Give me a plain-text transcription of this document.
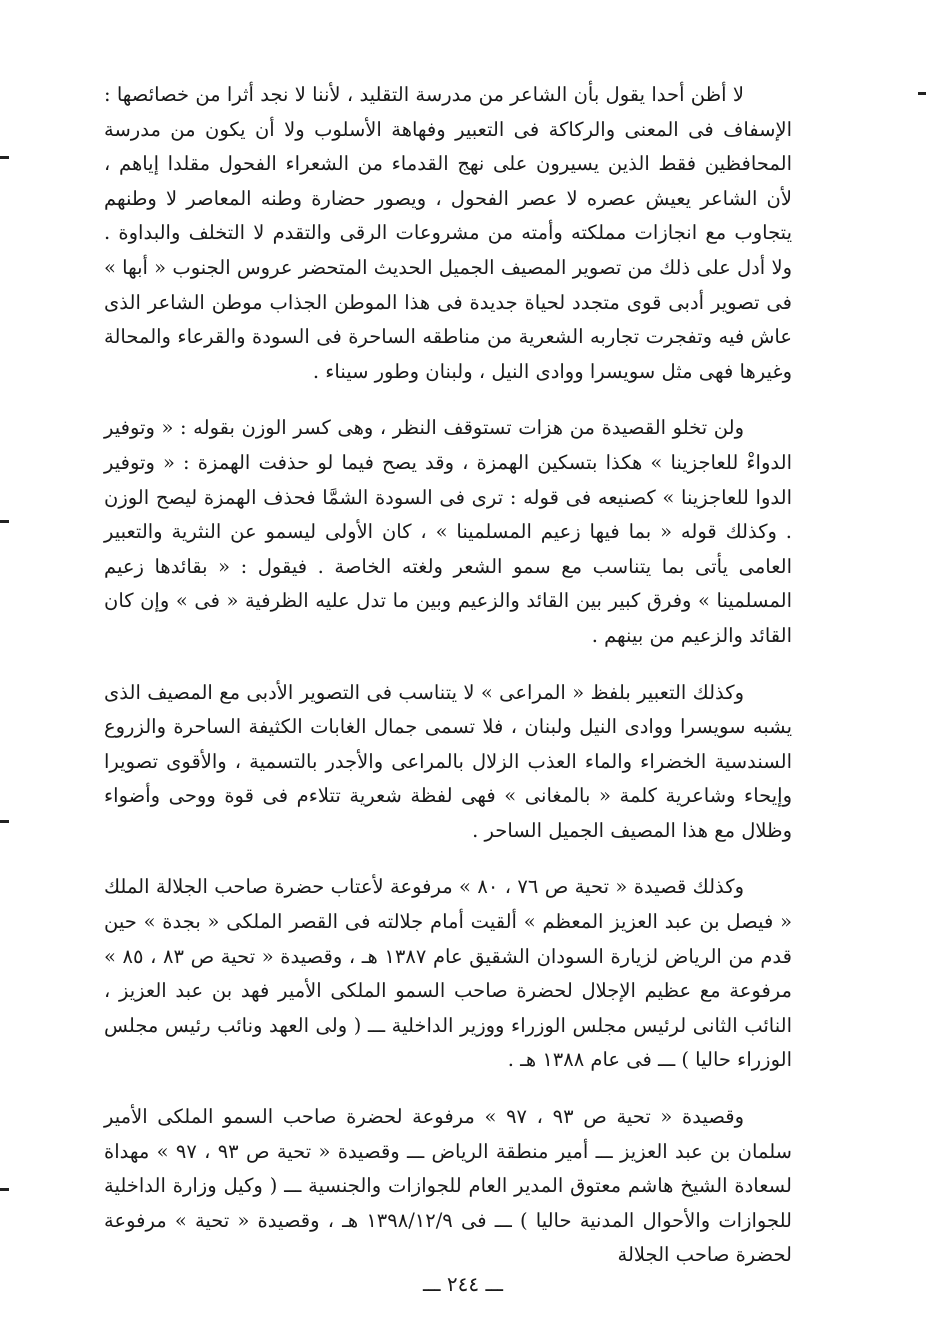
لا أظن أحدا يقول بأن الشاعر من مدرسة التقليد ، لأننا لا نجد أثرا من خصائصها : الإسفاف فى المعنى والركاكة فى التعبير وفهاهة الأسلوب ولا أن يكون من مدرسة المحافظين فقط الذين يسيرون على نهج القدماء من الشعراء الفحول مقلدا إياهم ، لأن الشاعر يعيش عصره لا عصر الفحول ، ويصور حضارة وطنه المعاصر لا وطنهم يتجاوب مع انجازات مملكته وأمته من مشروعات الرقى والتقدم لا التخلف والبداوة . ولا أدل على ذلك من تصوير المصيف الجميل الحديث المتحضر عروس الجنوب « أبها » فى تصوير أدبى قوى متجدد لحياة جديدة فى هذا الموطن الجذاب موطن الشاعر الذى عاش فيه وتفجرت تجاربه الشعرية من مناطقه الساحرة فى السودة والقرعاء والمحالة وغيرها فهى مثل سويسرا ووادى النيل ، ولبنان وطور سيناء .

ولن تخلو القصيدة من هزات تستوقف النظر ، وهى كسر الوزن بقوله : « وتوفير الدواءْ للعاجزينا » هكذا بتسكين الهمزة ، وقد يصح فيما لو حذفت الهمزة : « وتوفير الدوا للعاجزينا » كصنيعه فى قوله : ترى فى السودة الشمَّا فحذف الهمزة ليصح الوزن . وكذلك قوله « بما فيها زعيم المسلمينا » ، كان الأولى ليسمو عن النثرية والتعبير العامى يأتى بما يتناسب مع سمو الشعر ولغته الخاصة . فيقول : « بقائدها زعيم المسلمينا » وفرق كبير بين القائد والزعيم وبين ما تدل عليه الظرفية « فى » وإن كان القائد والزعيم من بينهم .

وكذلك التعبير بلفظ « المراعى » لا يتناسب فى التصوير الأدبى مع المصيف الذى يشبه سويسرا ووادى النيل ولبنان ، فلا تسمى جمال الغابات الكثيفة الساحرة والزروع السندسية الخضراء والماء العذب الزلال بالمراعى والأجدر بالتسمية ، والأقوى تصويرا وإيحاء وشاعرية كلمة « بالمغانى » فهى لفظة شعرية تتلاءم فى قوة ووحى وأضواء وظلال مع هذا المصيف الجميل الساحر .

وكذلك قصيدة « تحية ص ٧٦ ، ٨٠ » مرفوعة لأعتاب حضرة صاحب الجلالة الملك « فيصل بن عبد العزيز المعظم » ألقيت أمام جلالته فى القصر الملكى « بجدة » حين قدم من الرياض لزيارة السودان الشقيق عام ١٣٨٧ هـ ، وقصيدة « تحية ص ٨٣ ، ٨٥ » مرفوعة مع عظيم الإجلال لحضرة صاحب السمو الملكى الأمير فهد بن عبد العزيز ، النائب الثانى لرئيس مجلس الوزراء ووزير الداخلية ـــ ( ولى العهد ونائب رئيس مجلس الوزراء حاليا ) ـــ فى عام ١٣٨٨ هـ .

وقصيدة « تحية ص ٩٣ ، ٩٧ » مرفوعة لحضرة صاحب السمو الملكى الأمير سلمان بن عبد العزيز ـــ أمير منطقة الرياض ـــ وقصيدة « تحية ص ٩٣ ، ٩٧ » مهداة لسعادة الشيخ هاشم معتوق المدير العام للجوازات والجنسية ـــ ( وكيل وزارة الداخلية للجوازات والأحوال المدنية حاليا ) ـــ فى ١٣٩٨/١٢/٩ هـ ، وقصيدة « تحية » مرفوعة لحضرة صاحب الجلالة

ـــ ٢٤٤ ـــ
